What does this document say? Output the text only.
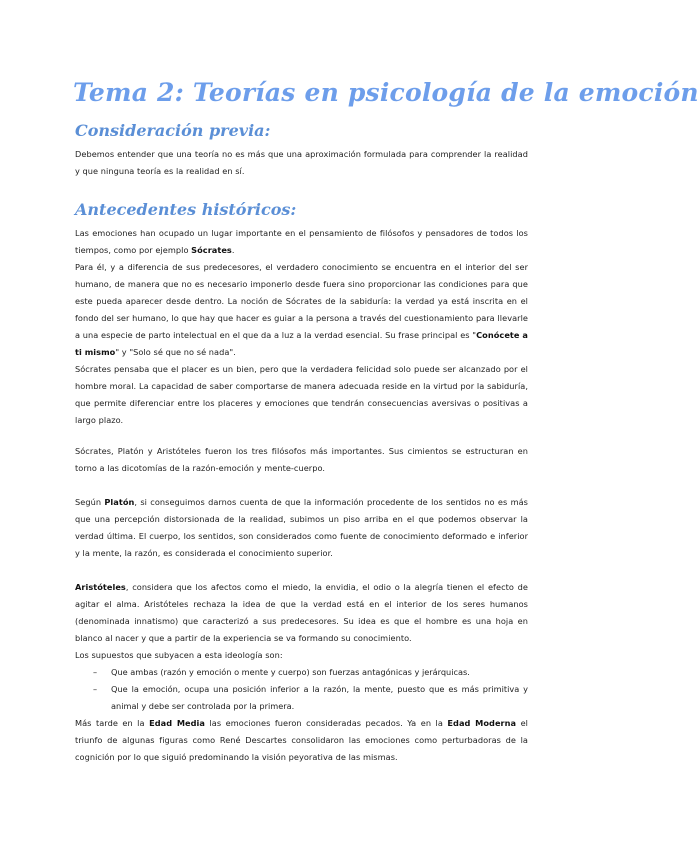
Tema 2: Teorías en psicología de la emoción
Consideración previa:

Debemos entender que una teoría no es más que una aproximación formulada para comprender la realidad y que ninguna teoría es la realidad en sí.

Antecedentes históricos:

Las emociones han ocupado un lugar importante en el pensamiento de filósofos y pensadores de todos los tiempos, como por ejemplo Sócrates.

Para él, y a diferencia de sus predecesores, el verdadero conocimiento se encuentra en el interior del ser humano, de manera que no es necesario imponerlo desde fuera sino proporcionar las condiciones para que este pueda aparecer desde dentro. La noción de Sócrates de la sabiduría: la verdad ya está inscrita en el fondo del ser humano, lo que hay que hacer es guiar a la persona a través del cuestionamiento para llevarle a una especie de parto intelectual en el que da a luz a la verdad esencial. Su frase principal es "Conócete a ti mismo" y "Solo sé que no sé nada".

Sócrates pensaba que el placer es un bien, pero que la verdadera felicidad solo puede ser alcanzado por el hombre moral. La capacidad de saber comportarse de manera adecuada reside en la virtud por la sabiduría, que permite diferenciar entre los placeres y emociones que tendrán consecuencias aversivas o positivas a largo plazo.

Sócrates, Platón y Aristóteles fueron los tres filósofos más importantes. Sus cimientos se estructuran en torno a las dicotomías de la razón-emoción y mente-cuerpo.

Según Platón, si conseguimos darnos cuenta de que la información procedente de los sentidos no es más que una percepción distorsionada de la realidad, subimos un piso arriba en el que podemos observar la verdad última. El cuerpo, los sentidos, son considerados como fuente de conocimiento deformado e inferior y la mente, la razón, es considerada el conocimiento superior.

Aristóteles, considera que los afectos como el miedo, la envidia, el odio o la alegría tienen el efecto de agitar el alma. Aristóteles rechaza la idea de que la verdad está en el interior de los seres humanos (denominada innatismo) que caracterizó a sus predecesores. Su idea es que el hombre es una hoja en blanco al nacer y que a partir de la experiencia se va formando su conocimiento.

Los supuestos que subyacen a esta ideología son:

– Que ambas (razón y emoción o mente y cuerpo) son fuerzas antagónicas y jerárquicas.
– Que la emoción, ocupa una posición inferior a la razón, la mente, puesto que es más primitiva y animal y debe ser controlada por la primera.

Más tarde en la Edad Media las emociones fueron consideradas pecados. Ya en la Edad Moderna el triunfo de algunas figuras como René Descartes consolidaron las emociones como perturbadoras de la cognición por lo que siguió predominando la visión peyorativa de las mismas.
